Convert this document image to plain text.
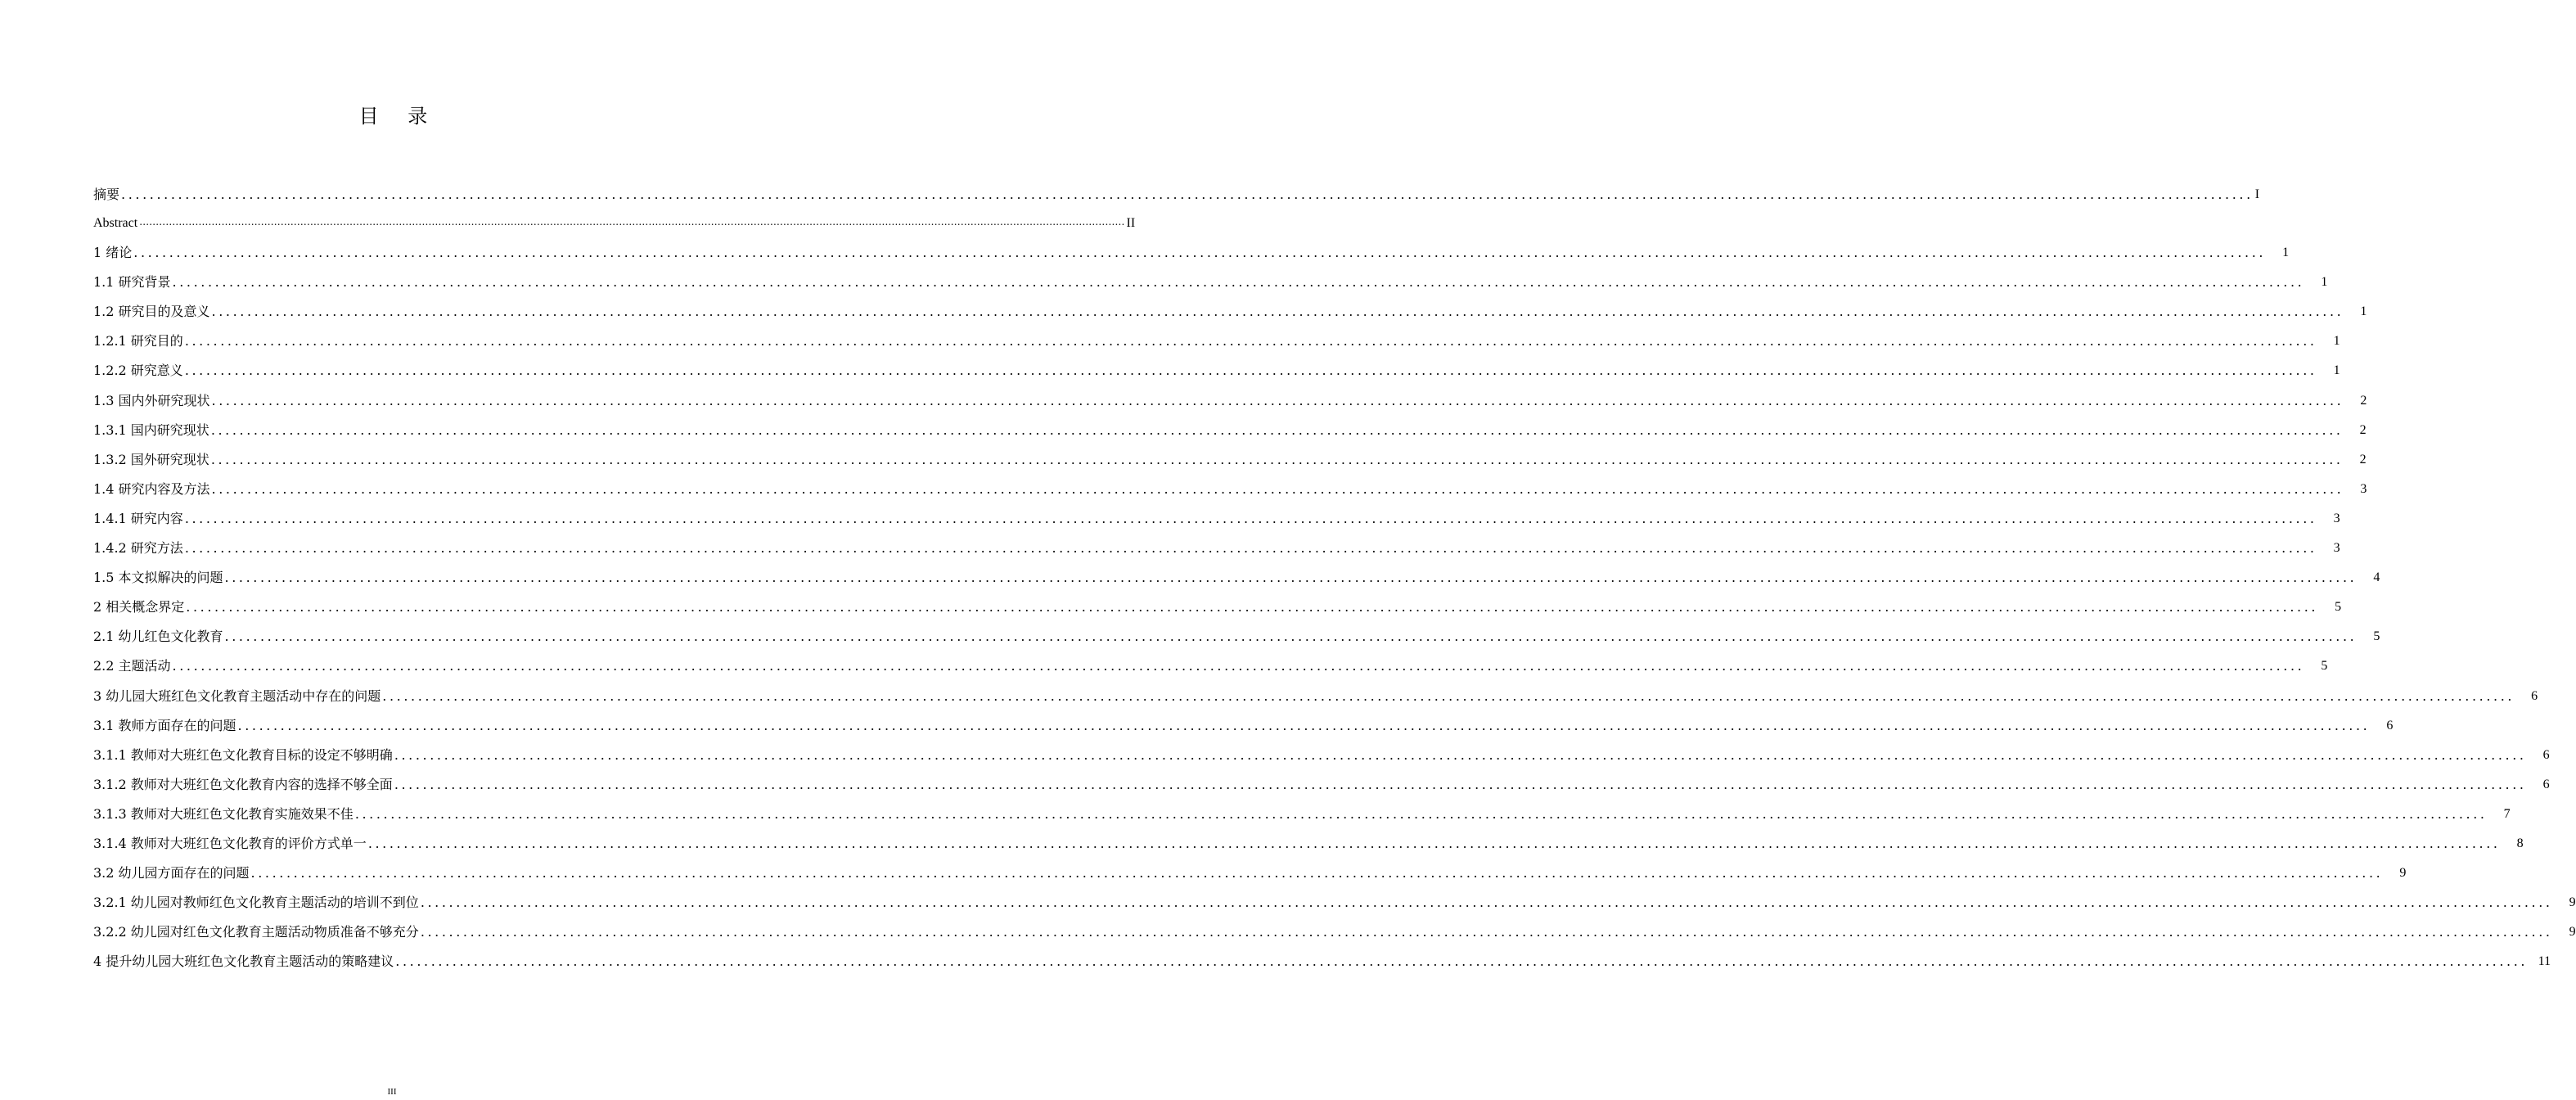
目 录
摘要 ............................................................................................................................................................................................................................................................................................................ I
Abstract ............................................................................................................................................................................................................................................................................................................ II
1 绪论 ............................................................................................................................................................................................................................................................................................................	1
1.1 研究背景 ............................................................................................................................................................................................................................................................................................................	1
1.2 研究目的及意义 ............................................................................................................................................................................................................................................................................................................	1
1.2.1 研究目的 ............................................................................................................................................................................................................................................................................................................	1
1.2.2 研究意义 ............................................................................................................................................................................................................................................................................................................	1
1.3 国内外研究现状 ............................................................................................................................................................................................................................................................................................................	2
1.3.1 国内研究现状 ............................................................................................................................................................................................................................................................................................................	2
1.3.2 国外研究现状 ............................................................................................................................................................................................................................................................................................................	2
1.4 研究内容及方法 ............................................................................................................................................................................................................................................................................................................	3
1.4.1 研究内容 ............................................................................................................................................................................................................................................................................................................	3
1.4.2 研究方法 ............................................................................................................................................................................................................................................................................................................	3
1.5 本文拟解决的问题 ............................................................................................................................................................................................................................................................................................................	4
2 相关概念界定 ............................................................................................................................................................................................................................................................................................................	5
2.1 幼儿红色文化教育 ............................................................................................................................................................................................................................................................................................................	5
2.2 主题活动 ............................................................................................................................................................................................................................................................................................................	5
3 幼儿园大班红色文化教育主题活动中存在的问题 ............................................................................................................................................................................................................................................................................................................	6
3.1 教师方面存在的问题 ............................................................................................................................................................................................................................................................................................................	6
3.1.1 教师对大班红色文化教育目标的设定不够明确 ............................................................................................................................................................................................................................................................................................................	6
3.1.2 教师对大班红色文化教育内容的选择不够全面 ............................................................................................................................................................................................................................................................................................................	6
3.1.3 教师对大班红色文化教育实施效果不佳 ............................................................................................................................................................................................................................................................................................................	7
3.1.4 教师对大班红色文化教育的评价方式单一 ............................................................................................................................................................................................................................................................................................................	8
3.2 幼儿园方面存在的问题 ............................................................................................................................................................................................................................................................................................................	9
3.2.1 幼儿园对教师红色文化教育主题活动的培训不到位 ............................................................................................................................................................................................................................................................................................................	9
3.2.2 幼儿园对红色文化教育主题活动物质准备不够充分 ............................................................................................................................................................................................................................................................................................................	9
4 提升幼儿园大班红色文化教育主题活动的策略建议 ............................................................................................................................................................................................................................................................................................................ 11
III
